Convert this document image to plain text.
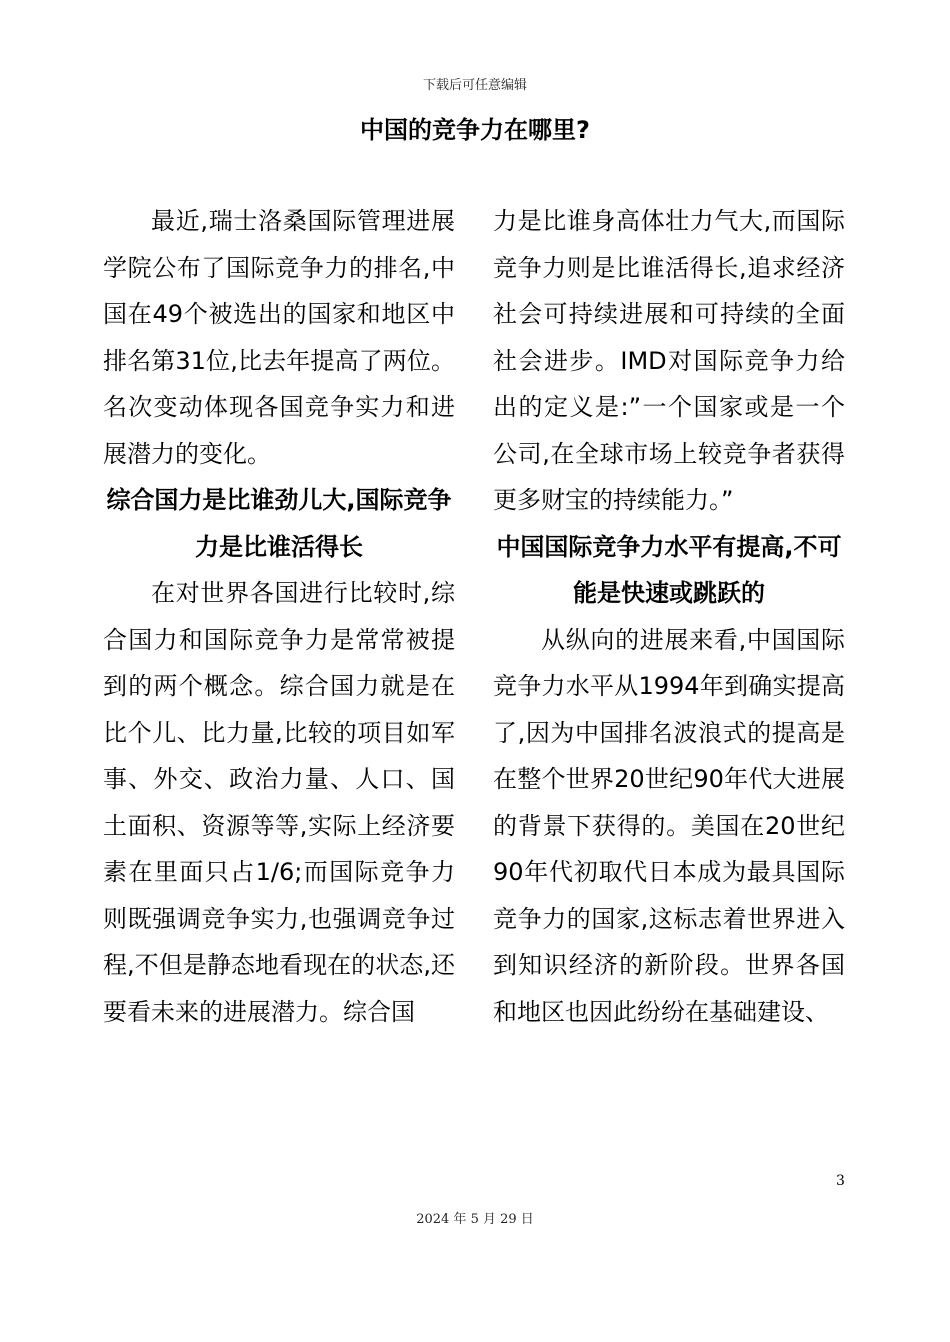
下载后可任意编辑
中国的竞争力在哪里?

最近,瑞士洛桑国际管理进展学院公布了国际竞争力的排名,中国在49个被选出的国家和地区中排名第31位,比去年提高了两位。名次变动体现各国竞争实力和进展潜力的变化。

综合国力是比谁劲儿大,国际竞争力是比谁活得长

在对世界各国进行比较时,综合国力和国际竞争力是常常被提到的两个概念。综合国力就是在比个儿、比力量,比较的项目如军事、外交、政治力量、人口、国土面积、资源等等,实际上经济要素在里面只占1/6;而国际竞争力则既强调竞争实力,也强调竞争过程,不但是静态地看现在的状态,还要看未来的进展潜力。综合国

力是比谁身高体壮力气大,而国际竞争力则是比谁活得长,追求经济社会可持续进展和可持续的全面社会进步。IMD对国际竞争力给出的定义是:”一个国家或是一个公司,在全球市场上较竞争者获得更多财宝的持续能力。”

中国国际竞争力水平有提高,不可能是快速或跳跃的

从纵向的进展来看,中国国际竞争力水平从1994年到确实提高了,因为中国排名波浪式的提高是在整个世界20世纪90年代大进展的背景下获得的。美国在20世纪90年代初取代日本成为最具国际竞争力的国家,这标志着世界进入到知识经济的新阶段。世界各国和地区也因此纷纷在基础建设、

3
2024 年 5 月 29 日
